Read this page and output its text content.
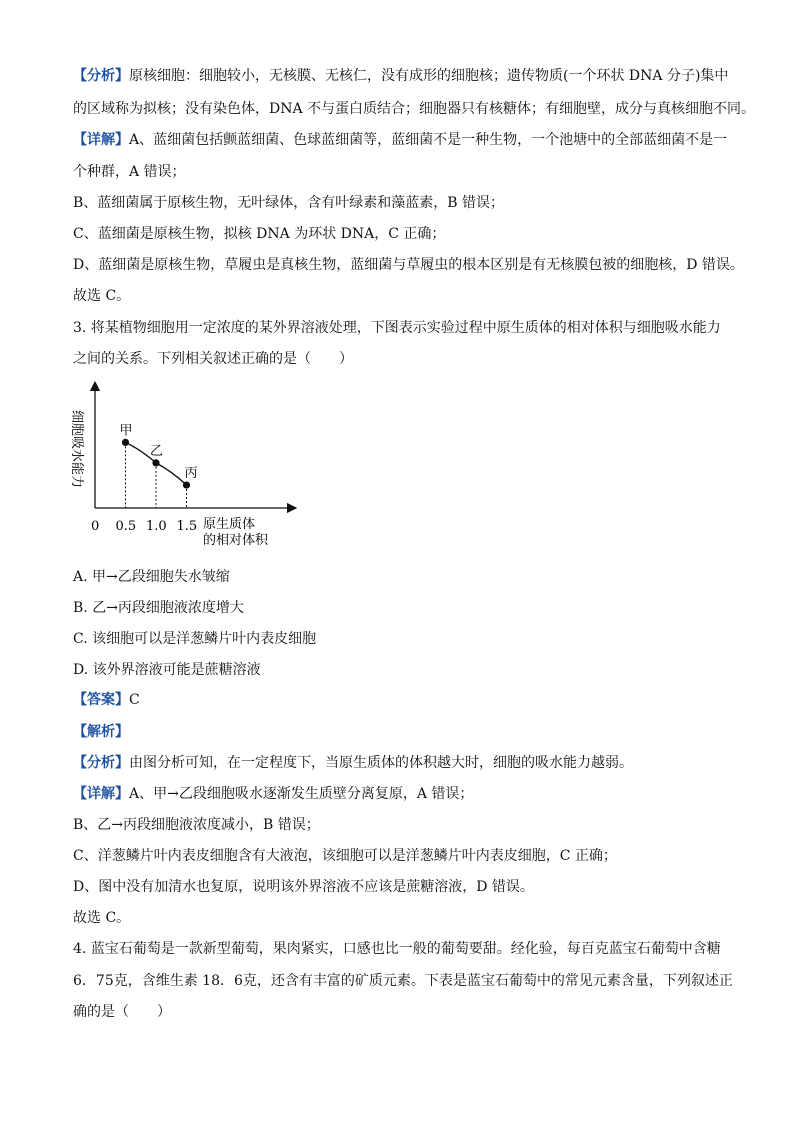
【分析】原核细胞：细胞较小，无核膜、无核仁，没有成形的细胞核；遗传物质(一个环状 DNA 分子)集中
的区域称为拟核；没有染色体，DNA 不与蛋白质结合；细胞器只有核糖体；有细胞壁，成分与真核细胞不同。
【详解】A、蓝细菌包括颤蓝细菌、色球蓝细菌等，蓝细菌不是一种生物，一个池塘中的全部蓝细菌不是一
个种群，A 错误；
B、蓝细菌属于原核生物，无叶绿体，含有叶绿素和藻蓝素，B 错误；
C、蓝细菌是原核生物，拟核 DNA 为环状 DNA，C 正确；
D、蓝细菌是原核生物，草履虫是真核生物，蓝细菌与草履虫的根本区别是有无核膜包被的细胞核，D 错误。
故选 C。
3. 将某植物细胞用一定浓度的某外界溶液处理，下图表示实验过程中原生质体的相对体积与细胞吸水能力
之间的关系。下列相关叙述正确的是（　　）
细胞吸水能力
0	原生质体
的相对体积
甲
0.5
乙
1.0
丙
1.5
A. 甲→乙段细胞失水皱缩
B. 乙→丙段细胞液浓度增大
C. 该细胞可以是洋葱鳞片叶内表皮细胞
D. 该外界溶液可能是蔗糖溶液
【答案】C
【解析】
【分析】由图分析可知，在一定程度下，当原生质体的体积越大时，细胞的吸水能力越弱。
【详解】A、甲→乙段细胞吸水逐渐发生质壁分离复原，A 错误；
B、乙→丙段细胞液浓度减小，B 错误；
C、洋葱鳞片叶内表皮细胞含有大液泡，该细胞可以是洋葱鳞片叶内表皮细胞，C 正确；
D、图中没有加清水也复原，说明该外界溶液不应该是蔗糖溶液，D 错误。
故选 C。
4. 蓝宝石葡萄是一款新型葡萄，果肉紧实，口感也比一般的葡萄要甜。经化验，每百克蓝宝石葡萄中含糖
6．75克，含维生素 18．6克，还含有丰富的矿质元素。下表是蓝宝石葡萄中的常见元素含量，下列叙述正
确的是（　　）
